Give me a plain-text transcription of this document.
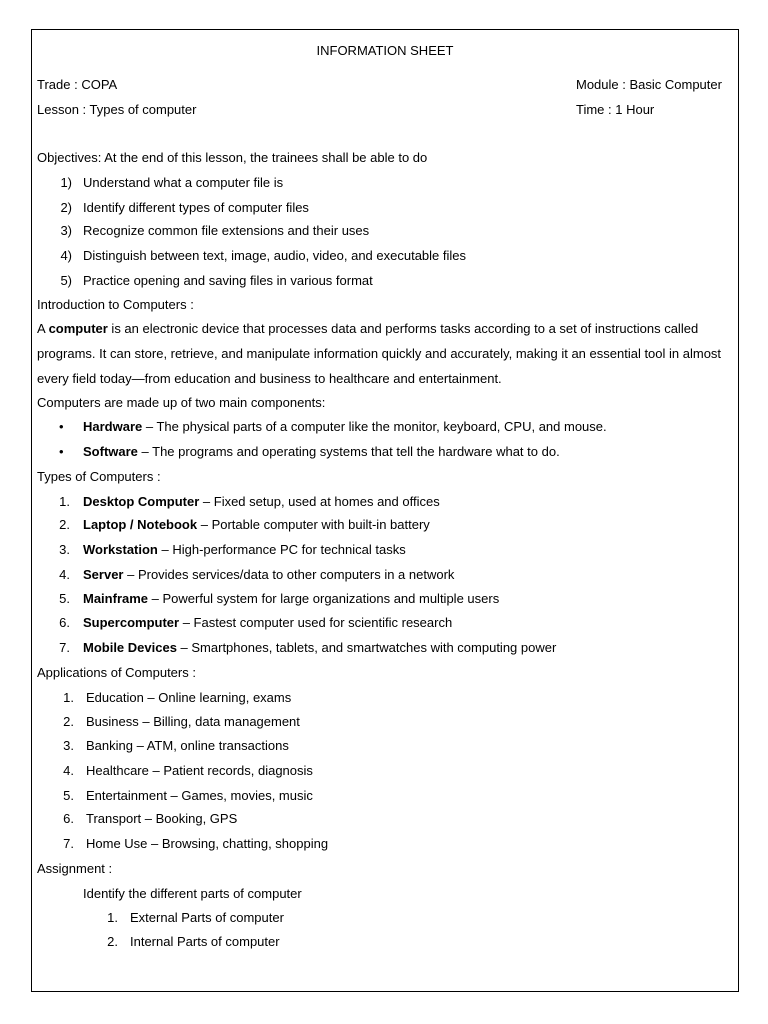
INFORMATION SHEET
Trade : COPA	Module : Basic Computer
Lesson : Types of computer	Time : 1 Hour
Objectives: At the end of this lesson, the trainees shall be able to do
1) Understand what a computer file is
2) Identify different types of computer files
3) Recognize common file extensions and their uses
4) Distinguish between text, image, audio, video, and executable files
5) Practice opening and saving files in various format
Introduction to Computers :
A computer is an electronic device that processes data and performs tasks according to a set of instructions called
programs. It can store, retrieve, and manipulate information quickly and accurately, making it an essential tool in almost
every field today—from education and business to healthcare and entertainment.
Computers are made up of two main components:
• Hardware – The physical parts of a computer like the monitor, keyboard, CPU, and mouse.
• Software – The programs and operating systems that tell the hardware what to do.
Types of Computers :
1. Desktop Computer – Fixed setup, used at homes and offices
2. Laptop / Notebook – Portable computer with built-in battery
3. Workstation – High-performance PC for technical tasks
4. Server – Provides services/data to other computers in a network
5. Mainframe – Powerful system for large organizations and multiple users
6. Supercomputer – Fastest computer used for scientific research
7. Mobile Devices – Smartphones, tablets, and smartwatches with computing power
Applications of Computers :
1. Education – Online learning, exams
2. Business – Billing, data management
3. Banking – ATM, online transactions
4. Healthcare – Patient records, diagnosis
5. Entertainment – Games, movies, music
6. Transport – Booking, GPS
7. Home Use – Browsing, chatting, shopping
Assignment :
Identify the different parts of computer
1. External Parts of computer
2. Internal Parts of computer
